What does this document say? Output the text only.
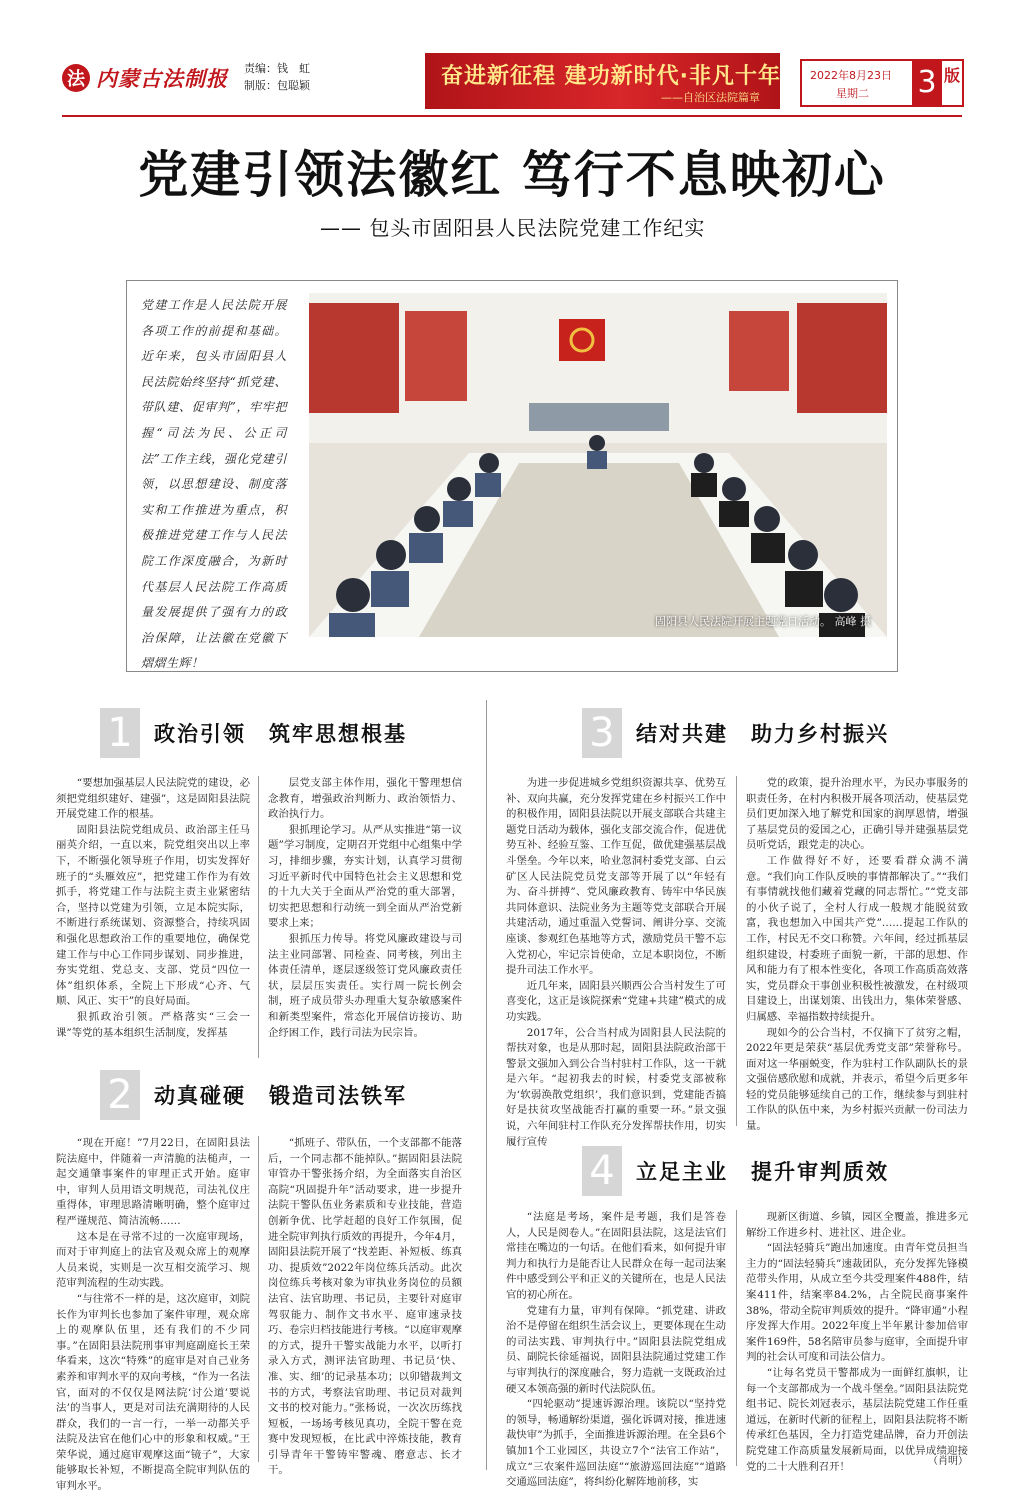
法 内蒙古法制报 责编：钱　虹
制版：包聪颖	奋进新征程 建功新时代·非凡十年
——自治区法院篇章
2022年8月23日
星期二 3 版
党建引领法徽红 笃行不息映初心
—— 包头市固阳县人民法院党建工作纪实
党建工作是人民法院开展各项工作的前提和基础。近年来，包头市固阳县人民法院始终坚持“抓党建、带队建、促审判”，牢牢把握“司法为民、公正司法”工作主线，强化党建引领，以思想建设、制度落实和工作推进为重点，积极推进党建工作与人民法院工作深度融合，为新时代基层人民法院工作高质量发展提供了强有力的政治保障，让法徽在党徽下熠熠生辉！
固阳县人民法院开展主题党日活动。 高峰 摄
1	政治引领　筑牢思想根基

“要想加强基层人民法院党的建设，必须把党组织建好、建强”，这是固阳县法院开展党建工作的根基。

固阳县法院党组成员、政治部主任马丽英介绍，一直以来，院党组突出以上率下，不断强化领导班子作用，切实发挥好班子的“头雁效应”，把党建工作作为有效抓手，将党建工作与法院主责主业紧密结合，坚持以党建为引领，立足本院实际，不断进行系统谋划、资源整合，持续巩固和强化思想政治工作的重要地位，确保党建工作与中心工作同步谋划、同步推进，夯实党组、党总支、支部、党员“四位一体”组织体系，全院上下形成“心齐、气顺、风正、实干”的良好局面。

狠抓政治引领。严格落实“三会一课”等党的基本组织生活制度，发挥基

层党支部主体作用，强化干警理想信念教育，增强政治判断力、政治领悟力、政治执行力。

狠抓理论学习。从严从实推进“第一议题”学习制度，定期召开党组中心组集中学习，排细步骤，夯实计划，认真学习贯彻习近平新时代中国特色社会主义思想和党的十九大关于全面从严治党的重大部署，切实把思想和行动统一到全面从严治党新要求上来；

狠抓压力传导。将党风廉政建设与司法主业同部署、同检查、同考核，列出主体责任清单，逐层逐级签订党风廉政责任状，层层压实责任。实行周一院长例会制，班子成员带头办理重大复杂敏感案件和新类型案件，常态化开展信访接访、助企纾困工作，践行司法为民宗旨。

2	动真碰硬　锻造司法铁军

“现在开庭！”7月22日，在固阳县法院法庭中，伴随着一声清脆的法槌声，一起交通肇事案件的审理正式开始。庭审中，审判人员用语文明规范，司法礼仪庄重得体，审理思路清晰明确，整个庭审过程严谨规范、简洁流畅……

这本是在寻常不过的一次庭审现场，而对于审判庭上的法官及观众席上的观摩人员来说，实则是一次互相交流学习、规范审判流程的生动实践。

“与往常不一样的是，这次庭审，刘院长作为审判长也参加了案件审理，观众席上的观摩队伍里，还有我们的不少同事。”在固阳县法院刑事审判庭副庭长王荣华看来，这次“特殊”的庭审是对自己业务素养和审判水平的双向考核，“作为一名法官，面对的不仅仅是网法院‘讨公道’要说法’的当事人，更是对司法充满期待的人民群众，我们的一言一行，一举一动都关乎法院及法官在他们心中的形象和权威。”王荣华说，通过庭审观摩这面“镜子”，大家能够取长补短，不断提高全院审判队伍的审判水平。

“抓班子、带队伍，一个支部都不能落后，一个同志都不能掉队。”据固阳县法院审管办干警张扬介绍，为全面落实自治区高院“巩固提升年”活动要求，进一步提升法院干警队伍业务素质和专业技能，营造创新争优、比学赶超的良好工作氛围，促进全院审判执行质效的再提升，今年4月，固阳县法院开展了“找差距、补短板、练真功、提质效”2022年岗位练兵活动。此次岗位练兵考核对象为审执业务岗位的员额法官、法官助理、书记员，主要针对庭审驾驭能力、制作文书水平、庭审速录技巧、卷宗归档技能进行考核。“以庭审观摩的方式，提升干警实战能力水平，以听打录入方式，测评法官助理、书记员‘快、准、实、细’的记录基本功；以卯错裁判文书的方式，考察法官助理、书记员对裁判文书的校对能力。”张杨说，一次次历练找短板，一场场考核见真功，全院干警在竞赛中发现短板，在比武中淬炼技能，教育引导青年干警铸牢警魂、磨意志、长才干。

3	结对共建　助力乡村振兴

为进一步促进城乡党组织资源共享、优势互补、双向共赢，充分发挥党建在乡村振兴工作中的积极作用，固阳县法院以开展支部联合共建主题党日活动为载体，强化支部交流合作，促进优势互补、经验互鉴、工作互促，做优建强基层战斗堡垒。今年以来，哈业忽洞村委党支部、白云矿区人民法院党员党支部等开展了以“年轻有为、奋斗拼搏”、党风廉政教育、铸牢中华民族共同体意识、法院业务为主题等党支部联合开展共建活动，通过重温入党誓词、阐讲分享、交流座谈、参观红色基地等方式，激励党员干警不忘入党初心，牢记宗旨使命，立足本职岗位，不断提升司法工作水平。

近几年来，固阳县兴顺西公合当村发生了可喜变化，这正是该院探索“党建+共建”模式的成功实践。

2017年，公合当村成为固阳县人民法院的帮扶对象，也是从那时起，固阳县法院政治部干警景文强加入到公合当村驻村工作队，这一干就是六年。“起初我去的时候，村委党支部被称为‘软弱涣散党组织’，我们意识到，党建能否搞好是扶贫攻坚战能否打赢的重要一环。”景文强说，六年间驻村工作队充分发挥帮扶作用，切实履行宣传

党的政策，提升治理水平，为民办事服务的职责任务，在村内积极开展各项活动，使基层党员们更加深入地了解党和国家的润厚恩情，增强了基层党员的爱国之心，正确引导并建强基层党员听党话，跟党走的决心。

工作做得好不好，还要看群众满不满意。“我们向工作队反映的事情都解决了。”“我们有事情就找他们藏着党藏的同志帮忙。”“党支部的小伙子说了，全村人行成一般规才能脱贫致富，我也想加入中国共产党”……提起工作队的工作，村民无不交口称赞。六年间，经过抓基层组织建设，村委班子面貌一新，干部的思想、作风和能力有了根本性变化，各项工作高质高效落实，党员群众干事创业积极性被激发，在村级项目建设上，出谋划策、出钱出力，集体荣誉感、归属感、幸福指数持续提升。

现如今的公合当村，不仅摘下了贫穷之帽，2022年更是荣获“基层优秀党支部”荣誉称号。面对这一华丽蜕变，作为驻村工作队副队长的景文强倍感欣慰和成就，并表示，希望今后更多年轻的党员能够延续自己的工作，继续参与到驻村工作队的队伍中来，为乡村振兴贡献一份司法力量。

4	立足主业　提升审判质效

“法庭是考场，案件是考题，我们是答卷人，人民是阅卷人。”在固阳县法院，这是法官们常挂在嘴边的一句话。在他们看来，如何提升审判力和执行力是能否让人民群众在每一起司法案件中感受到公平和正义的关键所在，也是人民法官的初心所在。

党建有力量，审判有保障。“抓党建、讲政治不是停留在组织生活会议上，更要体现在生动的司法实践、审判执行中。”固阳县法院党组成员、副院长徐延福说，固阳县法院通过党建工作与审判执行的深度融合，努力造就一支既政治过硬又本领高强的新时代法院队伍。

“四轮驱动”提速诉源治理。该院以“坚持党的领导，畅通解纷渠道，强化诉调对接，推进速裁快审”为抓手，全面推进诉源治理。在全县6个镇加1个工业园区，共设立7个“法官工作站”，成立“三农案件巡回法庭”“旅游巡回法庭”“道路交通巡回法庭”，将纠纷化解阵地前移，实

现新区街道、乡镇，园区全覆盖，推进多元解纷工作进乡村、进社区、进企业。

“固法轻骑兵”跑出加速度。由青年党员担当主力的“固法轻骑兵”速裁团队，充分发挥先锋模范带头作用，从成立至今共受理案件488件，结案411件，结案率84.2%，占全院民商事案件38%，带动全院审判质效的提升。“降审通”小程序发挥大作用。2022年度上半年累计参加倍审案件169件，58名陪审员参与庭审，全面提升审判的社会认可度和司法公信力。

“让每名党员干警都成为一面鲜红旗帜，让每一个支部都成为一个战斗堡垒。”固阳县法院党组书记、院长刘冠表示，基层法院党建工作任重道远，在新时代新的征程上，固阳县法院将不断传承红色基因，全力打造党建品牌，奋力开创法院党建工作高质量发展新局面，以优异成绩迎接党的二十大胜利召开！	（肖明）
